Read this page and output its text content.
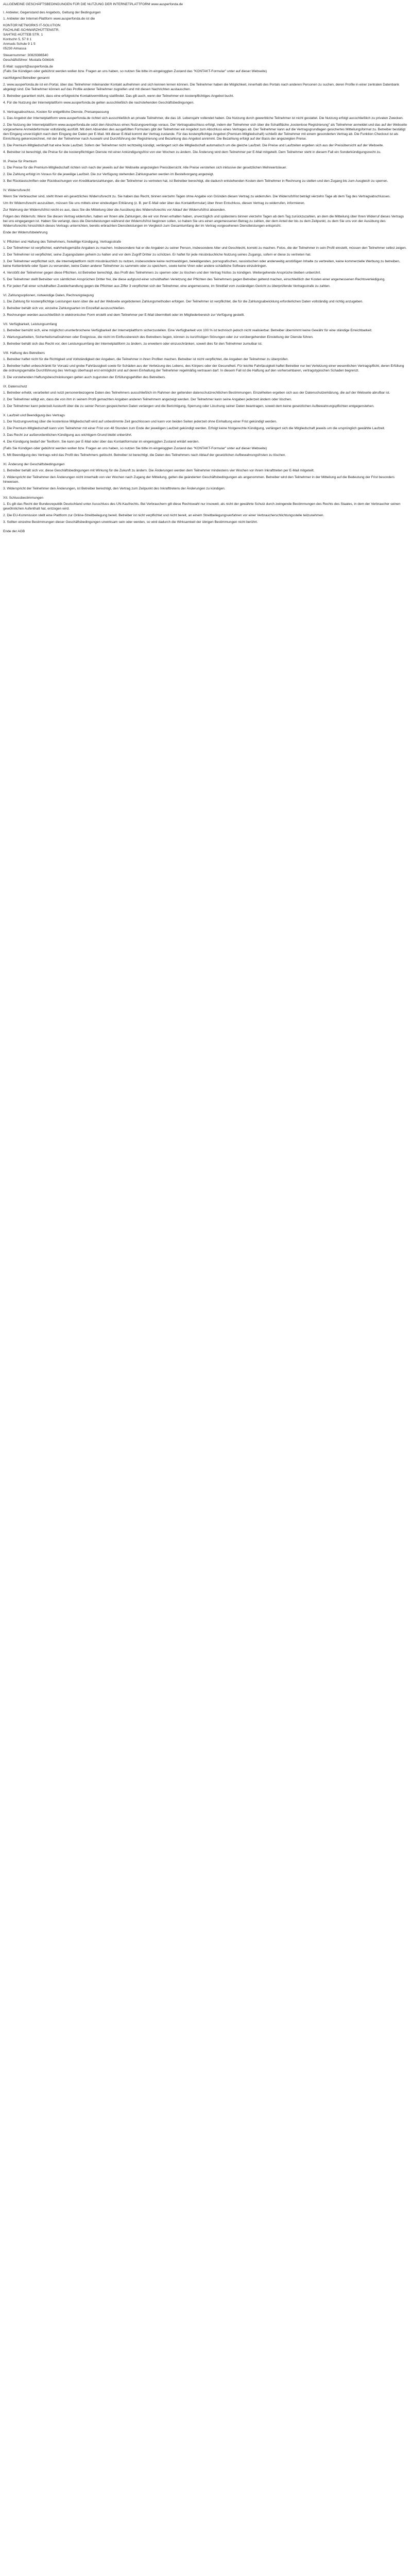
ALLGEMEINE GESCHÄFTSBEDINGUNGEN FÜR DIE NUTZUNG DER INTERNETPLATTFORM www.ausperfonda.de
I. Anbieter, Gegenstand des Angebots, Geltung der Bedingungen
1. Anbieter der Internet-Plattform www.ausperfonda.de ist die
KONTOR NETWORKS IT-SOLUTION
FACHLINE-SCHWARZHÜTTENSTR.
SAHTKE-HÜTTEB STR. 1
Kontschn 5, 57 8 1
Anmuds Schule 9 1 5
05230 Almassa
Steuernummer: 30829386540
Geschäftsführer: Mustafa Göktürk
E-Mail: support@ausperfonda.de
(Falls Sie Kündigen oder gebührst werden wollen bzw. Fragen an uns haben, so nutzen Sie bitte im eingeloggten Zustand das "KONTAKT-Formular" unter auf dieser Webseite)
nachfolgend Betreiber genannt
2. www.ausperfonda.de ist ein Portal, über das Teilnehmer miteinander Kontakt aufnehmen und sich kennen lernen können. Die Teilnehmer haben die Möglichkeit, innerhalb des Portals nach anderen Personen zu suchen, deren Profile in einer zentralen Datenbank abgelegt sind. Die Teilnehmer können auf das Profile anderer Teilnehmer zugreifen und mit diesen Nachrichten austauschen.
3. Betreiber garantiert nicht, dass eine erfolgreiche Kontaktvermittlung stattfindet. Das gilt auch, wenn der Teilnehmer ein kostenpflichtiges Angebot bucht.
4. Für die Nutzung der Internetplattform www.ausperfonda.de gelten ausschließlich die nachstehenden Geschäftsbedingungen.
II. Vertragsabschluss, Kosten für entgeltliche Dienste, Preisanpassung
1. Das Angebot der Internetplattform www.ausperfonda.de richtet sich ausschließlich an private Teilnehmer, die das 18. Lebensjahr vollendet haben. Die Nutzung durch gewerbliche Teilnehmer ist nicht gestattet. Die Nutzung erfolgt ausschließlich zu privaten Zwecken.
2. Die Nutzung der Internetplattform www.ausperfonda.de setzt den Abschluss eines Nutzungsvertrags voraus. Der Vertragsabschluss erfolgt, indem der Teilnehmer sich über die Schaltfläche „kostenlose Registrierung" als Teilnehmer anmeldet und das auf der Webseite vorgesehene Anmeldeformular vollständig ausfüllt. Mit dem Absenden des ausgefüllten Formulars gibt der Teilnehmer ein Angebot zum Abschluss eines Vertrages ab. Der Teilnehmer kann auf die Vertragsgrundlagen gesichertes Mitteilungsformat zu. Betreiber bestätigt den Eingang unverzüglich nach dem Eingang der Daten per E-Mail. Mit dieser E-Mail kommt der Vertrag zustande. Für das kostenpflichtige Angebot (Premium-Mitgliedschaft) schließt der Teilnehmer mit einem gesonderten Vertrag ab. Die Funktion Checkout ist als Einrichtung gekennzeichnet, mit der der Teilnehmer nach Auswahl und Durchführung der Registrierung und Bezahlung das Angebot annimmt. Die Bezahlung erfolgt auf der Basis der angezeigten Preise.
3. Die Premium-Mitgliedschaft hat eine feste Laufzeit. Sofern der Teilnehmer nicht rechtzeitig kündigt, verlängert sich die Mitgliedschaft automatisch um die gleiche Laufzeit. Die Preise und Laufzeiten ergeben sich aus der Preisübersicht auf der Webseite.
4. Betreiber ist berechtigt, die Preise für die kostenpflichtigen Dienste mit einer Ankündigungsfrist von vier Wochen zu ändern. Die Änderung wird dem Teilnehmer per E-Mail mitgeteilt. Dem Teilnehmer steht in diesem Fall ein Sonderkündigungsrecht zu.
III. Preise für Premium
1. Die Preise für die Premium-Mitgliedschaft richten sich nach der jeweils auf der Webseite angezeigten Preisübersicht. Alle Preise verstehen sich inklusive der gesetzlichen Mehrwertsteuer.
2. Die Zahlung erfolgt im Voraus für die jeweilige Laufzeit. Die zur Verfügung stehenden Zahlungsarten werden im Bestellvorgang angezeigt.
3. Bei Rücklastschriften oder Rückbuchungen von Kreditkartenzahlungen, die der Teilnehmer zu vertreten hat, ist Betreiber berechtigt, die dadurch entstehenden Kosten dem Teilnehmer in Rechnung zu stellen und den Zugang bis zum Ausgleich zu sperren.
IV. Widerrufsrecht
Wenn Sie Verbraucher sind, steht Ihnen ein gesetzliches Widerrufsrecht zu. Sie haben das Recht, binnen vierzehn Tagen ohne Angabe von Gründen diesen Vertrag zu widerrufen. Die Widerrufsfrist beträgt vierzehn Tage ab dem Tag des Vertragsabschlusses.
Um Ihr Widerrufsrecht auszuüben, müssen Sie uns mittels einer eindeutigen Erklärung (z. B. per E-Mail oder über das Kontaktformular) über Ihren Entschluss, diesen Vertrag zu widerrufen, informieren.
Zur Wahrung der Widerrufsfrist reicht es aus, dass Sie die Mitteilung über die Ausübung des Widerrufsrechts vor Ablauf der Widerrufsfrist absenden.
Folgen des Widerrufs: Wenn Sie diesen Vertrag widerrufen, haben wir Ihnen alle Zahlungen, die wir von Ihnen erhalten haben, unverzüglich und spätestens binnen vierzehn Tagen ab dem Tag zurückzuzahlen, an dem die Mitteilung über Ihren Widerruf dieses Vertrags bei uns eingegangen ist. Haben Sie verlangt, dass die Dienstleistungen während der Widerrufsfrist beginnen sollen, so haben Sie uns einen angemessenen Betrag zu zahlen, der dem Anteil der bis zu dem Zeitpunkt, zu dem Sie uns von der Ausübung des Widerrufsrechts hinsichtlich dieses Vertrags unterrichten, bereits erbrachten Dienstleistungen im Vergleich zum Gesamtumfang der im Vertrag vorgesehenen Dienstleistungen entspricht.
Ende der Widerrufsbelehrung
V. Pflichten und Haftung des Teilnehmers, freiwillige Kündigung, Vertragsstrafe
1. Der Teilnehmer ist verpflichtet, wahrheitsgemäße Angaben zu machen. Insbesondere hat er die Angaben zu seiner Person, insbesondere Alter und Geschlecht, korrekt zu machen. Fotos, die der Teilnehmer in sein Profil einstellt, müssen den Teilnehmer selbst zeigen.
2. Der Teilnehmer ist verpflichtet, seine Zugangsdaten geheim zu halten und vor dem Zugriff Dritter zu schützen. Er haftet für jede missbräuchliche Nutzung seines Zugangs, sofern er diese zu vertreten hat.
3. Der Teilnehmer verpflichtet sich, die Internetplattform nicht missbräuchlich zu nutzen, insbesondere keine rechtswidrigen, beleidigenden, pornografischen, rassistischen oder anderweitig anstößigen Inhalte zu verbreiten, keine kommerzielle Werbung zu betreiben, keine Kettenbriefe oder Spam zu versenden, keine Daten anderer Teilnehmer zu sammeln oder zu speichern, sowie keine Viren oder andere schädliche Software einzubringen.
4. Verstößt der Teilnehmer gegen diese Pflichten, ist Betreiber berechtigt, das Profil des Teilnehmers zu sperren oder zu löschen und den Vertrag fristlos zu kündigen. Weitergehende Ansprüche bleiben unberührt.
5. Der Teilnehmer stellt Betreiber von sämtlichen Ansprüchen Dritter frei, die diese aufgrund einer schuldhaften Verletzung der Pflichten des Teilnehmers gegen Betreiber geltend machen, einschließlich der Kosten einer angemessenen Rechtsverteidigung.
6. Für jeden Fall einer schuldhaften Zuwiderhandlung gegen die Pflichten aus Ziffer 3 verpflichtet sich der Teilnehmer, eine angemessene, im Streitfall vom zuständigen Gericht zu überprüfende Vertragsstrafe zu zahlen.
VI. Zahlungsoptionen, notwendige Daten, Rechnungslegung
1. Die Zahlung für kostenpflichtige Leistungen kann über die auf der Webseite angebotenen Zahlungsmethoden erfolgen. Der Teilnehmer ist verpflichtet, die für die Zahlungsabwicklung erforderlichen Daten vollständig und richtig anzugeben.
2. Betreiber behält sich vor, einzelne Zahlungsarten im Einzelfall auszuschließen.
3. Rechnungen werden ausschließlich in elektronischer Form erstellt und dem Teilnehmer per E-Mail übermittelt oder im Mitgliederbereich zur Verfügung gestellt.
VII. Verfügbarkeit, Leistungsumfang
1. Betreiber bemüht sich, eine möglichst ununterbrochene Verfügbarkeit der Internetplattform sicherzustellen. Eine Verfügbarkeit von 100 % ist technisch jedoch nicht realisierbar. Betreiber übernimmt keine Gewähr für eine ständige Erreichbarkeit.
2. Wartungsarbeiten, Sicherheitsmaßnahmen oder Ereignisse, die nicht im Einflussbereich des Betreibers liegen, können zu kurzfristigen Störungen oder zur vorübergehenden Einstellung der Dienste führen.
3. Betreiber behält sich das Recht vor, den Leistungsumfang der Internetplattform zu ändern, zu erweitern oder einzuschränken, soweit dies für den Teilnehmer zumutbar ist.
VIII. Haftung des Betreibers
1. Betreiber haftet nicht für die Richtigkeit und Vollständigkeit der Angaben, die Teilnehmer in ihren Profilen machen. Betreiber ist nicht verpflichtet, die Angaben der Teilnehmer zu überprüfen.
2. Betreiber haftet unbeschränkt für Vorsatz und grobe Fahrlässigkeit sowie für Schäden aus der Verletzung des Lebens, des Körpers oder der Gesundheit. Für leichte Fahrlässigkeit haftet Betreiber nur bei Verletzung einer wesentlichen Vertragspflicht, deren Erfüllung die ordnungsgemäße Durchführung des Vertrags überhaupt erst ermöglicht und auf deren Einhaltung der Teilnehmer regelmäßig vertrauen darf. In diesem Fall ist die Haftung auf den vorhersehbaren, vertragstypischen Schaden begrenzt.
3. Die vorstehenden Haftungsbeschränkungen gelten auch zugunsten der Erfüllungsgehilfen des Betreibers.
IX. Datenschutz
1. Betreiber erhebt, verarbeitet und nutzt personenbezogene Daten des Teilnehmers ausschließlich im Rahmen der geltenden datenschutzrechtlichen Bestimmungen. Einzelheiten ergeben sich aus der Datenschutzerklärung, die auf der Webseite abrufbar ist.
2. Der Teilnehmer willigt ein, dass die von ihm in seinem Profil gemachten Angaben anderen Teilnehmern angezeigt werden. Der Teilnehmer kann seine Angaben jederzeit ändern oder löschen.
3. Der Teilnehmer kann jederzeit Auskunft über die zu seiner Person gespeicherten Daten verlangen und die Berichtigung, Sperrung oder Löschung seiner Daten beantragen, soweit dem keine gesetzlichen Aufbewahrungspflichten entgegenstehen.
X. Laufzeit und Beendigung des Vertrags
1. Der Nutzungsvertrag über die kostenlose Mitgliedschaft wird auf unbestimmte Zeit geschlossen und kann von beiden Seiten jederzeit ohne Einhaltung einer Frist gekündigt werden.
2. Die Premium-Mitgliedschaft kann vom Teilnehmer mit einer Frist von 48 Stunden zum Ende der jeweiligen Laufzeit gekündigt werden. Erfolgt keine fristgerechte Kündigung, verlängert sich die Mitgliedschaft jeweils um die ursprünglich gewählte Laufzeit.
3. Das Recht zur außerordentlichen Kündigung aus wichtigem Grund bleibt unberührt.
4. Die Kündigung bedarf der Textform. Sie kann per E-Mail oder über das Kontaktformular im eingeloggten Zustand erklärt werden.
(Falls Sie Kündigen oder gebührst werden wollen bzw. Fragen an uns haben, so nutzen Sie bitte im eingeloggten Zustand das "KONTAKT-Formular" unter auf dieser Webseite)
5. Mit Beendigung des Vertrags wird das Profil des Teilnehmers gelöscht. Betreiber ist berechtigt, die Daten des Teilnehmers nach Ablauf der gesetzlichen Aufbewahrungsfristen zu löschen.
XI. Änderung der Geschäftsbedingungen
1. Betreiber behält sich vor, diese Geschäftsbedingungen mit Wirkung für die Zukunft zu ändern. Die Änderungen werden dem Teilnehmer mindestens vier Wochen vor ihrem Inkrafttreten per E-Mail mitgeteilt.
2. Widerspricht der Teilnehmer den Änderungen nicht innerhalb von vier Wochen nach Zugang der Mitteilung, gelten die geänderten Geschäftsbedingungen als angenommen. Betreiber wird den Teilnehmer in der Mitteilung auf die Bedeutung der Frist besonders hinweisen.
3. Widerspricht der Teilnehmer den Änderungen, ist Betreiber berechtigt, den Vertrag zum Zeitpunkt des Inkrafttretens der Änderungen zu kündigen.
XII. Schlussbestimmungen
1. Es gilt das Recht der Bundesrepublik Deutschland unter Ausschluss des UN-Kaufrechts. Bei Verbrauchern gilt diese Rechtswahl nur insoweit, als nicht der gewährte Schutz durch zwingende Bestimmungen des Rechts des Staates, in dem der Verbraucher seinen gewöhnlichen Aufenthalt hat, entzogen wird.
2. Die EU-Kommission stellt eine Plattform zur Online-Streitbeilegung bereit. Betreiber ist nicht verpflichtet und nicht bereit, an einem Streitbeilegungsverfahren vor einer Verbraucherschlichtungsstelle teilzunehmen.
3. Sollten einzelne Bestimmungen dieser Geschäftsbedingungen unwirksam sein oder werden, so wird dadurch die Wirksamkeit der übrigen Bestimmungen nicht berührt.
Ende der AGB
